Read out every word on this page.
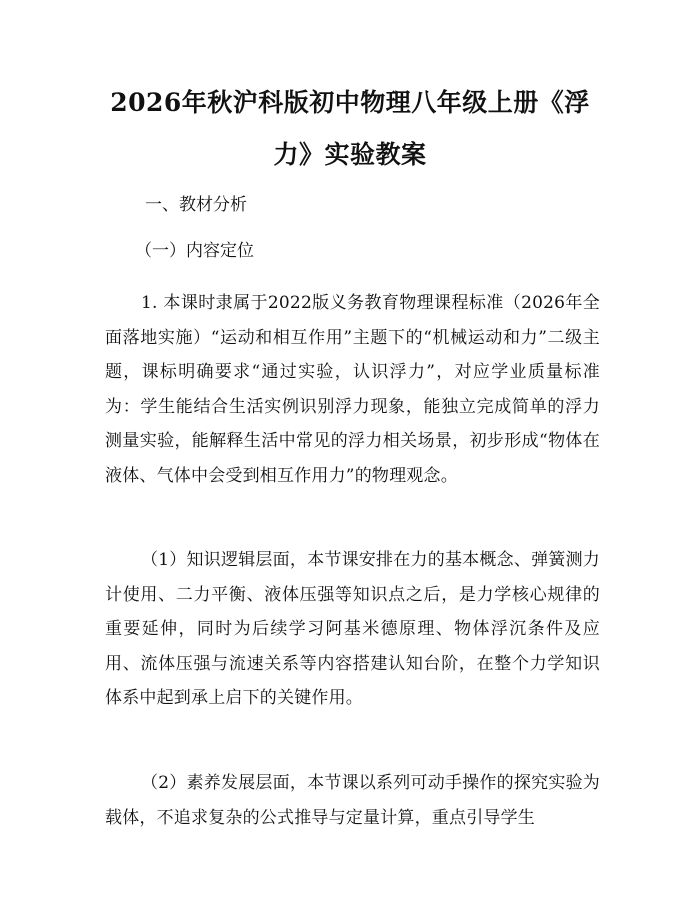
2026年秋沪科版初中物理八年级上册《浮力》实验教案

一、教材分析

（一）内容定位

1. 本课时隶属于2022版义务教育物理课程标准（2026年全面落地实施）“运动和相互作用”主题下的“机械运动和力”二级主题，课标明确要求“通过实验，认识浮力”，对应学业质量标准为：学生能结合生活实例识别浮力现象，能独立完成简单的浮力测量实验，能解释生活中常见的浮力相关场景，初步形成“物体在液体、气体中会受到相互作用力”的物理观念。

（1）知识逻辑层面，本节课安排在力的基本概念、弹簧测力计使用、二力平衡、液体压强等知识点之后，是力学核心规律的重要延伸，同时为后续学习阿基米德原理、物体浮沉条件及应用、流体压强与流速关系等内容搭建认知台阶，在整个力学知识体系中起到承上启下的关键作用。

（2）素养发展层面，本节课以系列可动手操作的探究实验为载体，不追求复杂的公式推导与定量计算，重点引导学生
